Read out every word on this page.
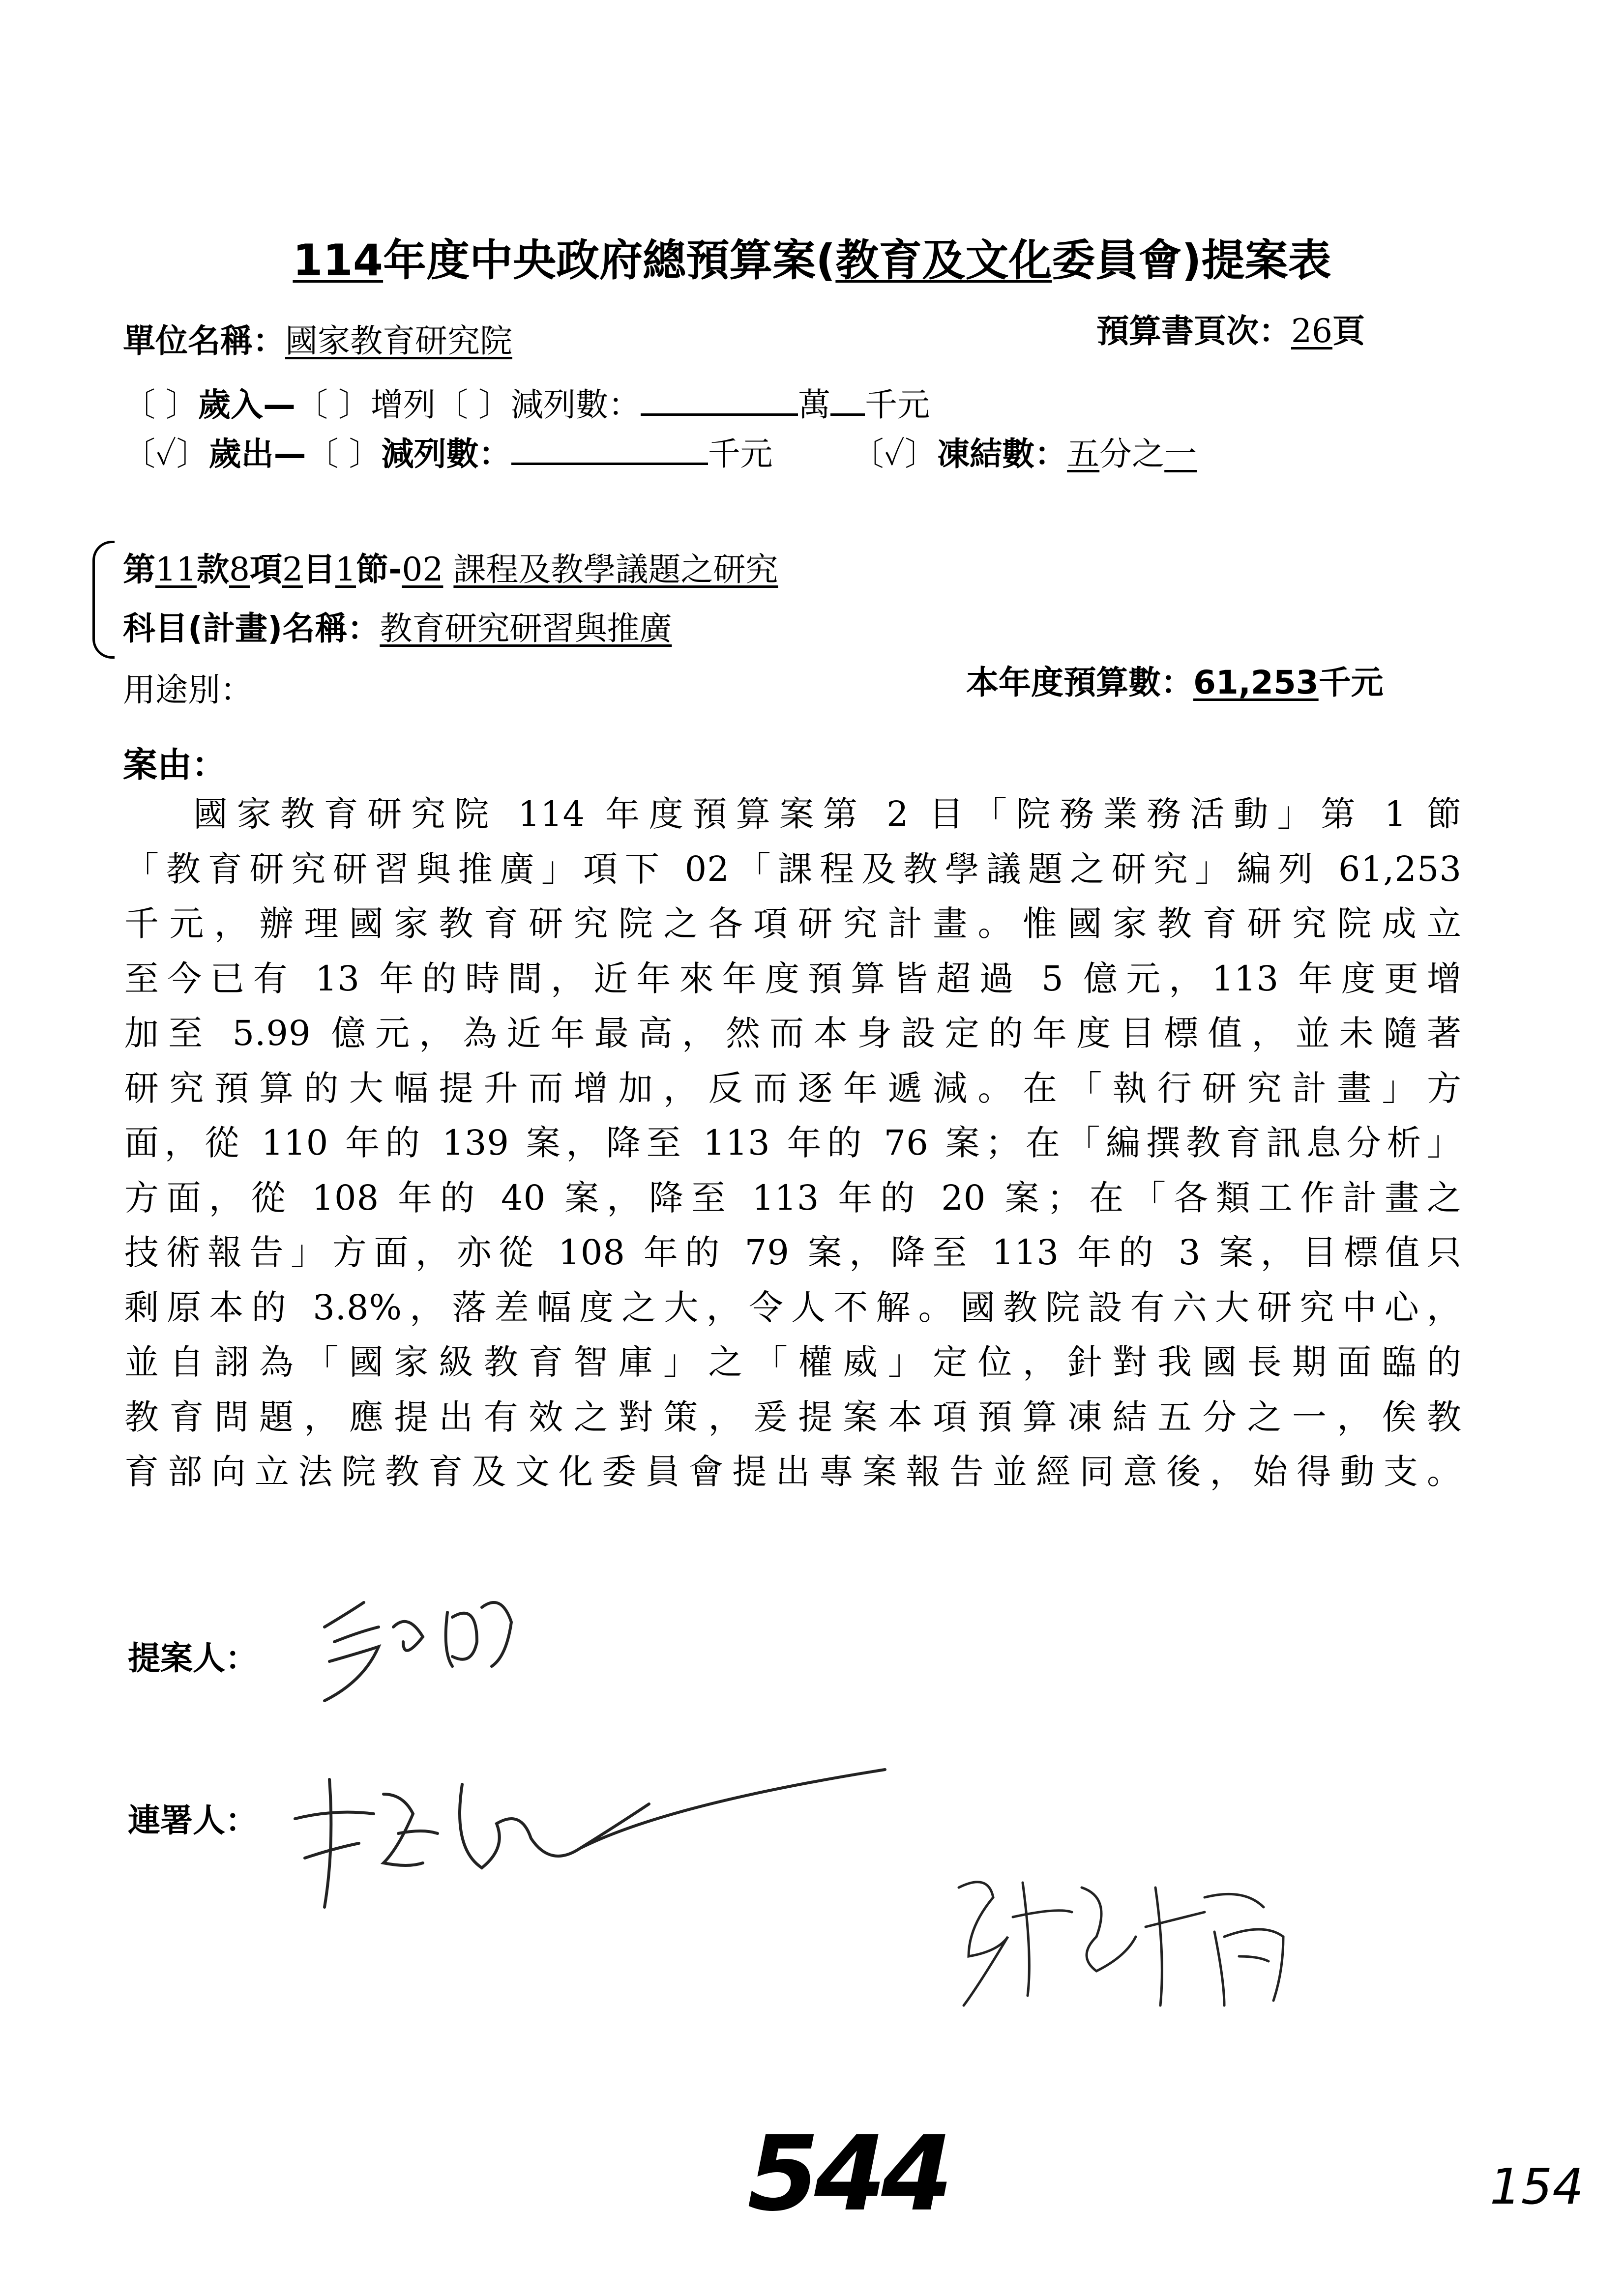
114年度中央政府總預算案(教育及文化委員會)提案表
單位名稱：國家教育研究院	預算書頁次：26頁
〔 〕歲入—〔 〕增列〔 〕減列數：	萬 千元
〔✓〕歲出—〔 〕減列數：	千元 〔✓〕凍結數：五分之一
第11款8項2目1節-02 課程及教學議題之研究
科目(計畫)名稱：教育研究研習與推廣
用途別：	本年度預算數：61,253千元
案由：
國家教育研究院 114 年度預算案第 2 目「院務業務活動」第 1 節
「教育研究研習與推廣」項下 02「課程及教學議題之研究」編列 61,253
千元，辦理國家教育研究院之各項研究計畫。惟國家教育研究院成立
至今已有 13 年的時間，近年來年度預算皆超過 5 億元，113 年度更增
加至 5.99 億元，為近年最高，然而本身設定的年度目標值，並未隨著
研究預算的大幅提升而增加，反而逐年遞減。在「執行研究計畫」方
面，從 110 年的 139 案，降至 113 年的 76 案；在「編撰教育訊息分析」
方面，從 108 年的 40 案，降至 113 年的 20 案；在「各類工作計畫之
技術報告」方面，亦從 108 年的 79 案，降至 113 年的 3 案，目標值只
剩原本的 3.8%，落差幅度之大，令人不解。國教院設有六大研究中心，
並自詡為「國家級教育智庫」之「權威」定位，針對我國長期面臨的
教育問題，應提出有效之對策，爰提案本項預算凍結五分之一，俟教
育部向立法院教育及文化委員會提出專案報告並經同意後，始得動支。
提案人：
連署人：
544	154
